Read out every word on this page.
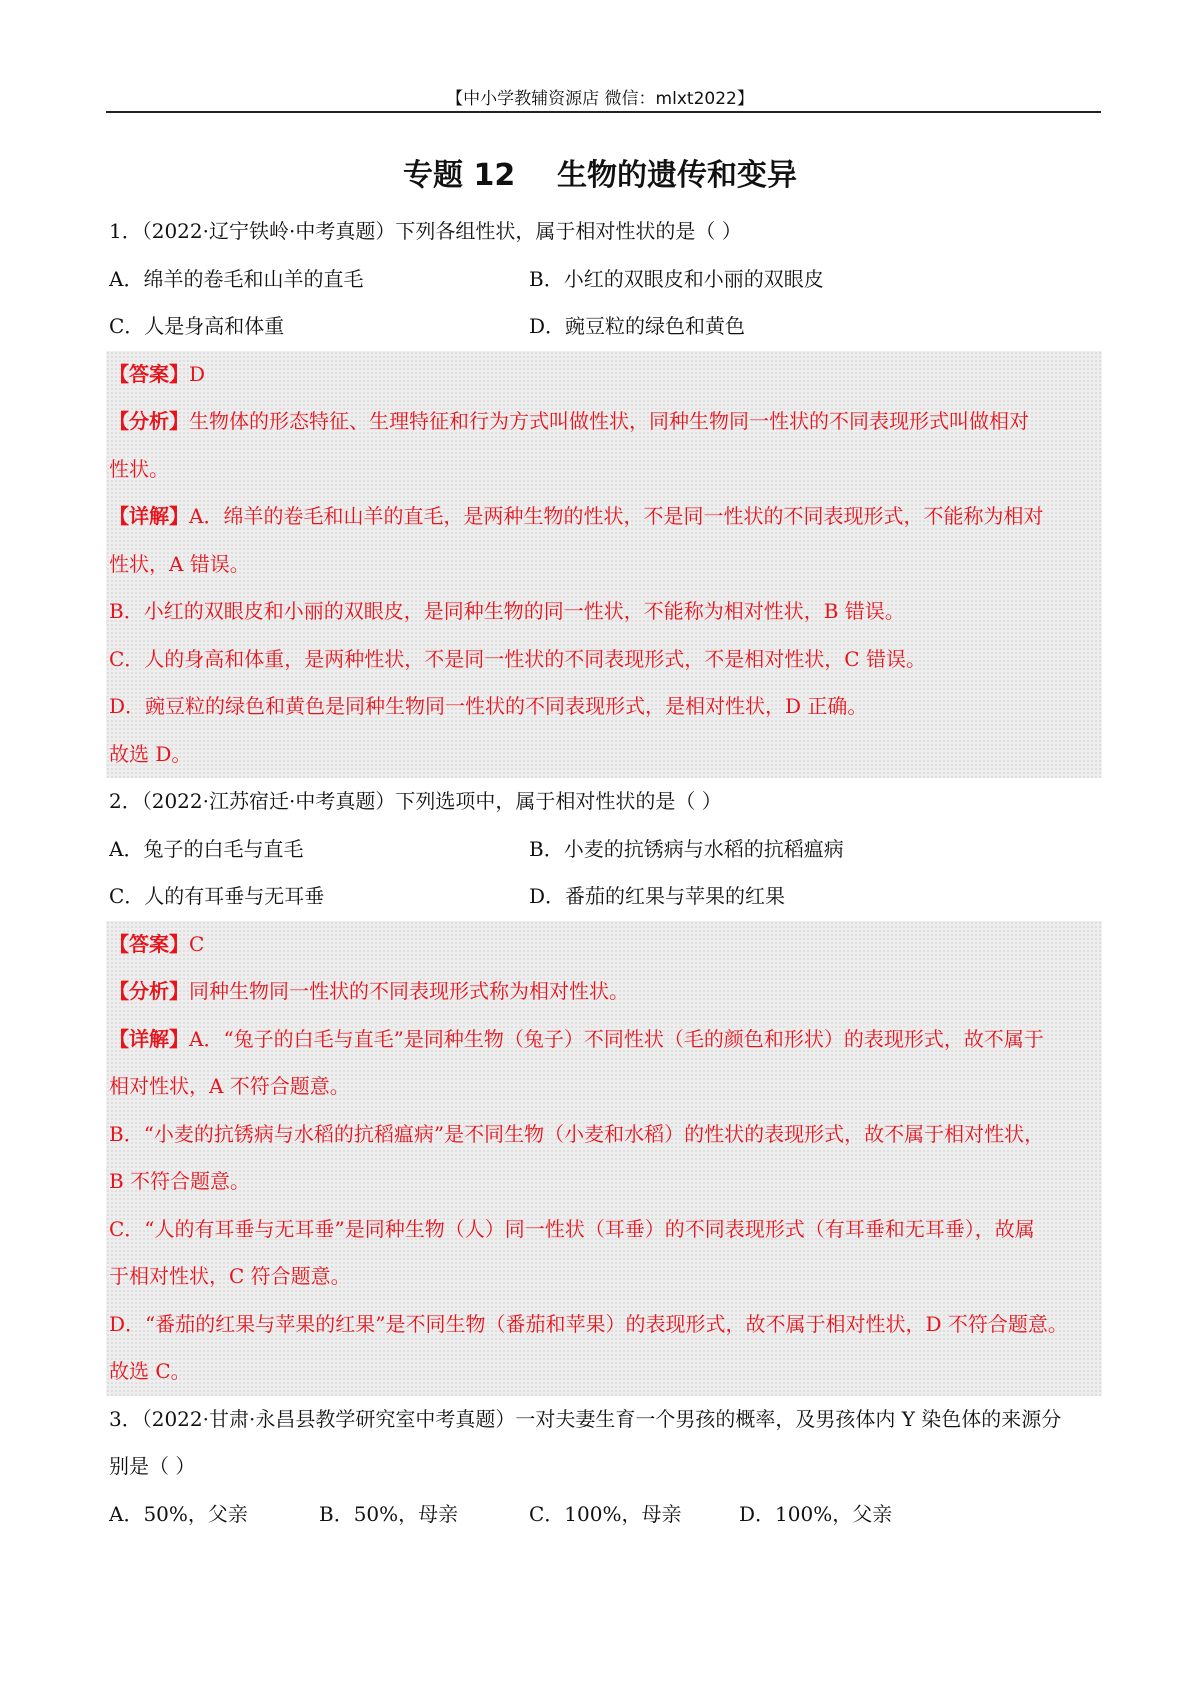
【中小学教辅资源店 微信：mlxt2022】
专题 12    生物的遗传和变异
1．（2022·辽宁铁岭·中考真题）下列各组性状，属于相对性状的是（ ）
A．绵羊的卷毛和山羊的直毛	B．小红的双眼皮和小丽的双眼皮
C．人是身高和体重	D．豌豆粒的绿色和黄色
【答案】D
【分析】生物体的形态特征、生理特征和行为方式叫做性状，同种生物同一性状的不同表现形式叫做相对
性状。
【详解】A．绵羊的卷毛和山羊的直毛，是两种生物的性状，不是同一性状的不同表现形式，不能称为相对
性状，A 错误。
B．小红的双眼皮和小丽的双眼皮，是同种生物的同一性状，不能称为相对性状，B 错误。
C．人的身高和体重，是两种性状，不是同一性状的不同表现形式，不是相对性状，C 错误。
D．豌豆粒的绿色和黄色是同种生物同一性状的不同表现形式，是相对性状，D 正确。
故选 D。
2．（2022·江苏宿迁·中考真题）下列选项中，属于相对性状的是（ ）
A．兔子的白毛与直毛	B．小麦的抗锈病与水稻的抗稻瘟病
C．人的有耳垂与无耳垂	D．番茄的红果与苹果的红果
【答案】C
【分析】同种生物同一性状的不同表现形式称为相对性状。
【详解】A．“兔子的白毛与直毛”是同种生物（兔子）不同性状（毛的颜色和形状）的表现形式，故不属于
相对性状，A 不符合题意。
B．“小麦的抗锈病与水稻的抗稻瘟病”是不同生物（小麦和水稻）的性状的表现形式，故不属于相对性状，
B 不符合题意。
C．“人的有耳垂与无耳垂”是同种生物（人）同一性状（耳垂）的不同表现形式（有耳垂和无耳垂），故属
于相对性状，C 符合题意。
D．“番茄的红果与苹果的红果”是不同生物（番茄和苹果）的表现形式，故不属于相对性状，D 不符合题意。
故选 C。
3．（2022·甘肃·永昌县教学研究室中考真题）一对夫妻生育一个男孩的概率，及男孩体内 Y 染色体的来源分
别是（ ）
A．50%，父亲	B．50%，母亲	C．100%，母亲	D．100%，父亲
